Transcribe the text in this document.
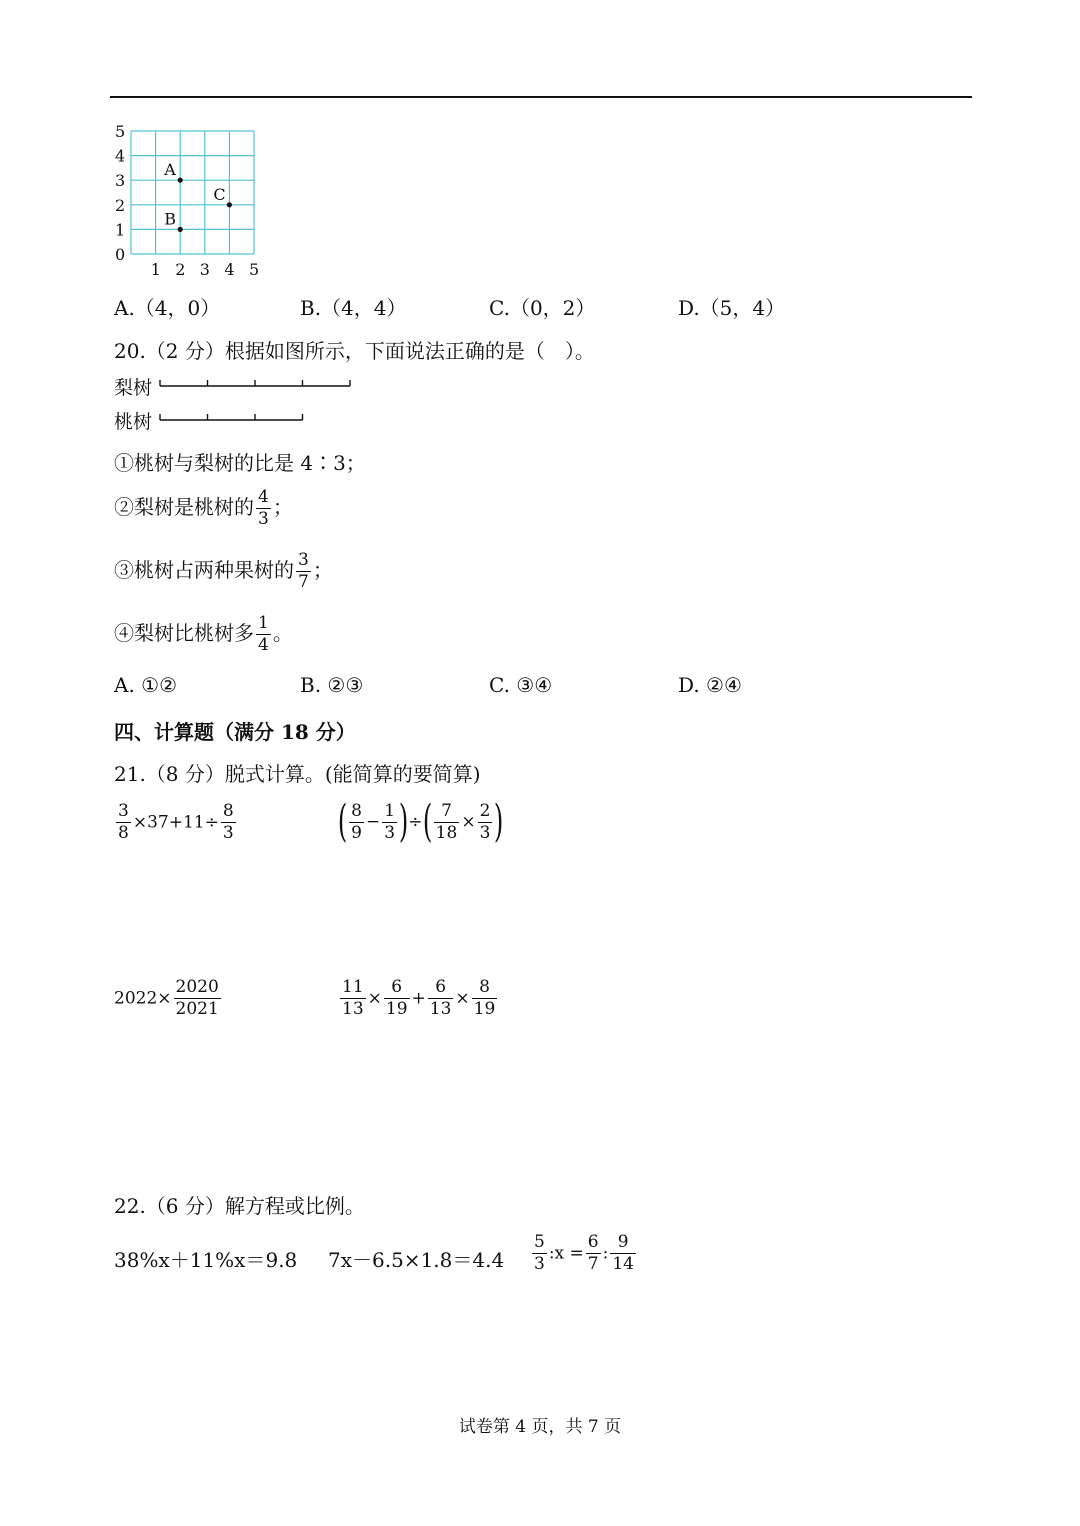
5
4
3
2
1
0
1 2 3 4 5
A
B
C
A.（4，0）	B.（4，4）	C.（0，2）	D.（5，4）
20.（2 分）根据如图所示，下面说法正确的是（　）。
梨树
桃树
①桃树与梨树的比是 4∶3；
②梨树是桃树的 $\frac{4}{3}$ ；
③桃树占两种果树的 $\frac{3}{7}$ ；
④梨树比桃树多 $\frac{1}{4}$ 。
A. ①②	B. ②③	C. ③④	D. ②④
四、计算题（满分 18 分）
21.（8 分）脱式计算。(能简算的要简算)
$\frac{3}{8} \times 37+11\div \frac{8}{3}$ ( $\frac{8}{9} - \frac{1}{3}$ )÷( $\frac{7}{18} \times \frac{2}{3}$ )
$2022\times \frac{2020}{2021}$	$\frac{11}{13} \times \frac{6}{19} + \frac{6}{13} \times \frac{8}{19}$
22.（6 分）解方程或比例。
38%x＋11%x＝9.8 $7x-6.5\times 1.8=4.4 \frac{5}{3}$ :x = $\frac{6}{7}$ : $\frac{9}{14}$
试卷第 4 页，共 7 页
